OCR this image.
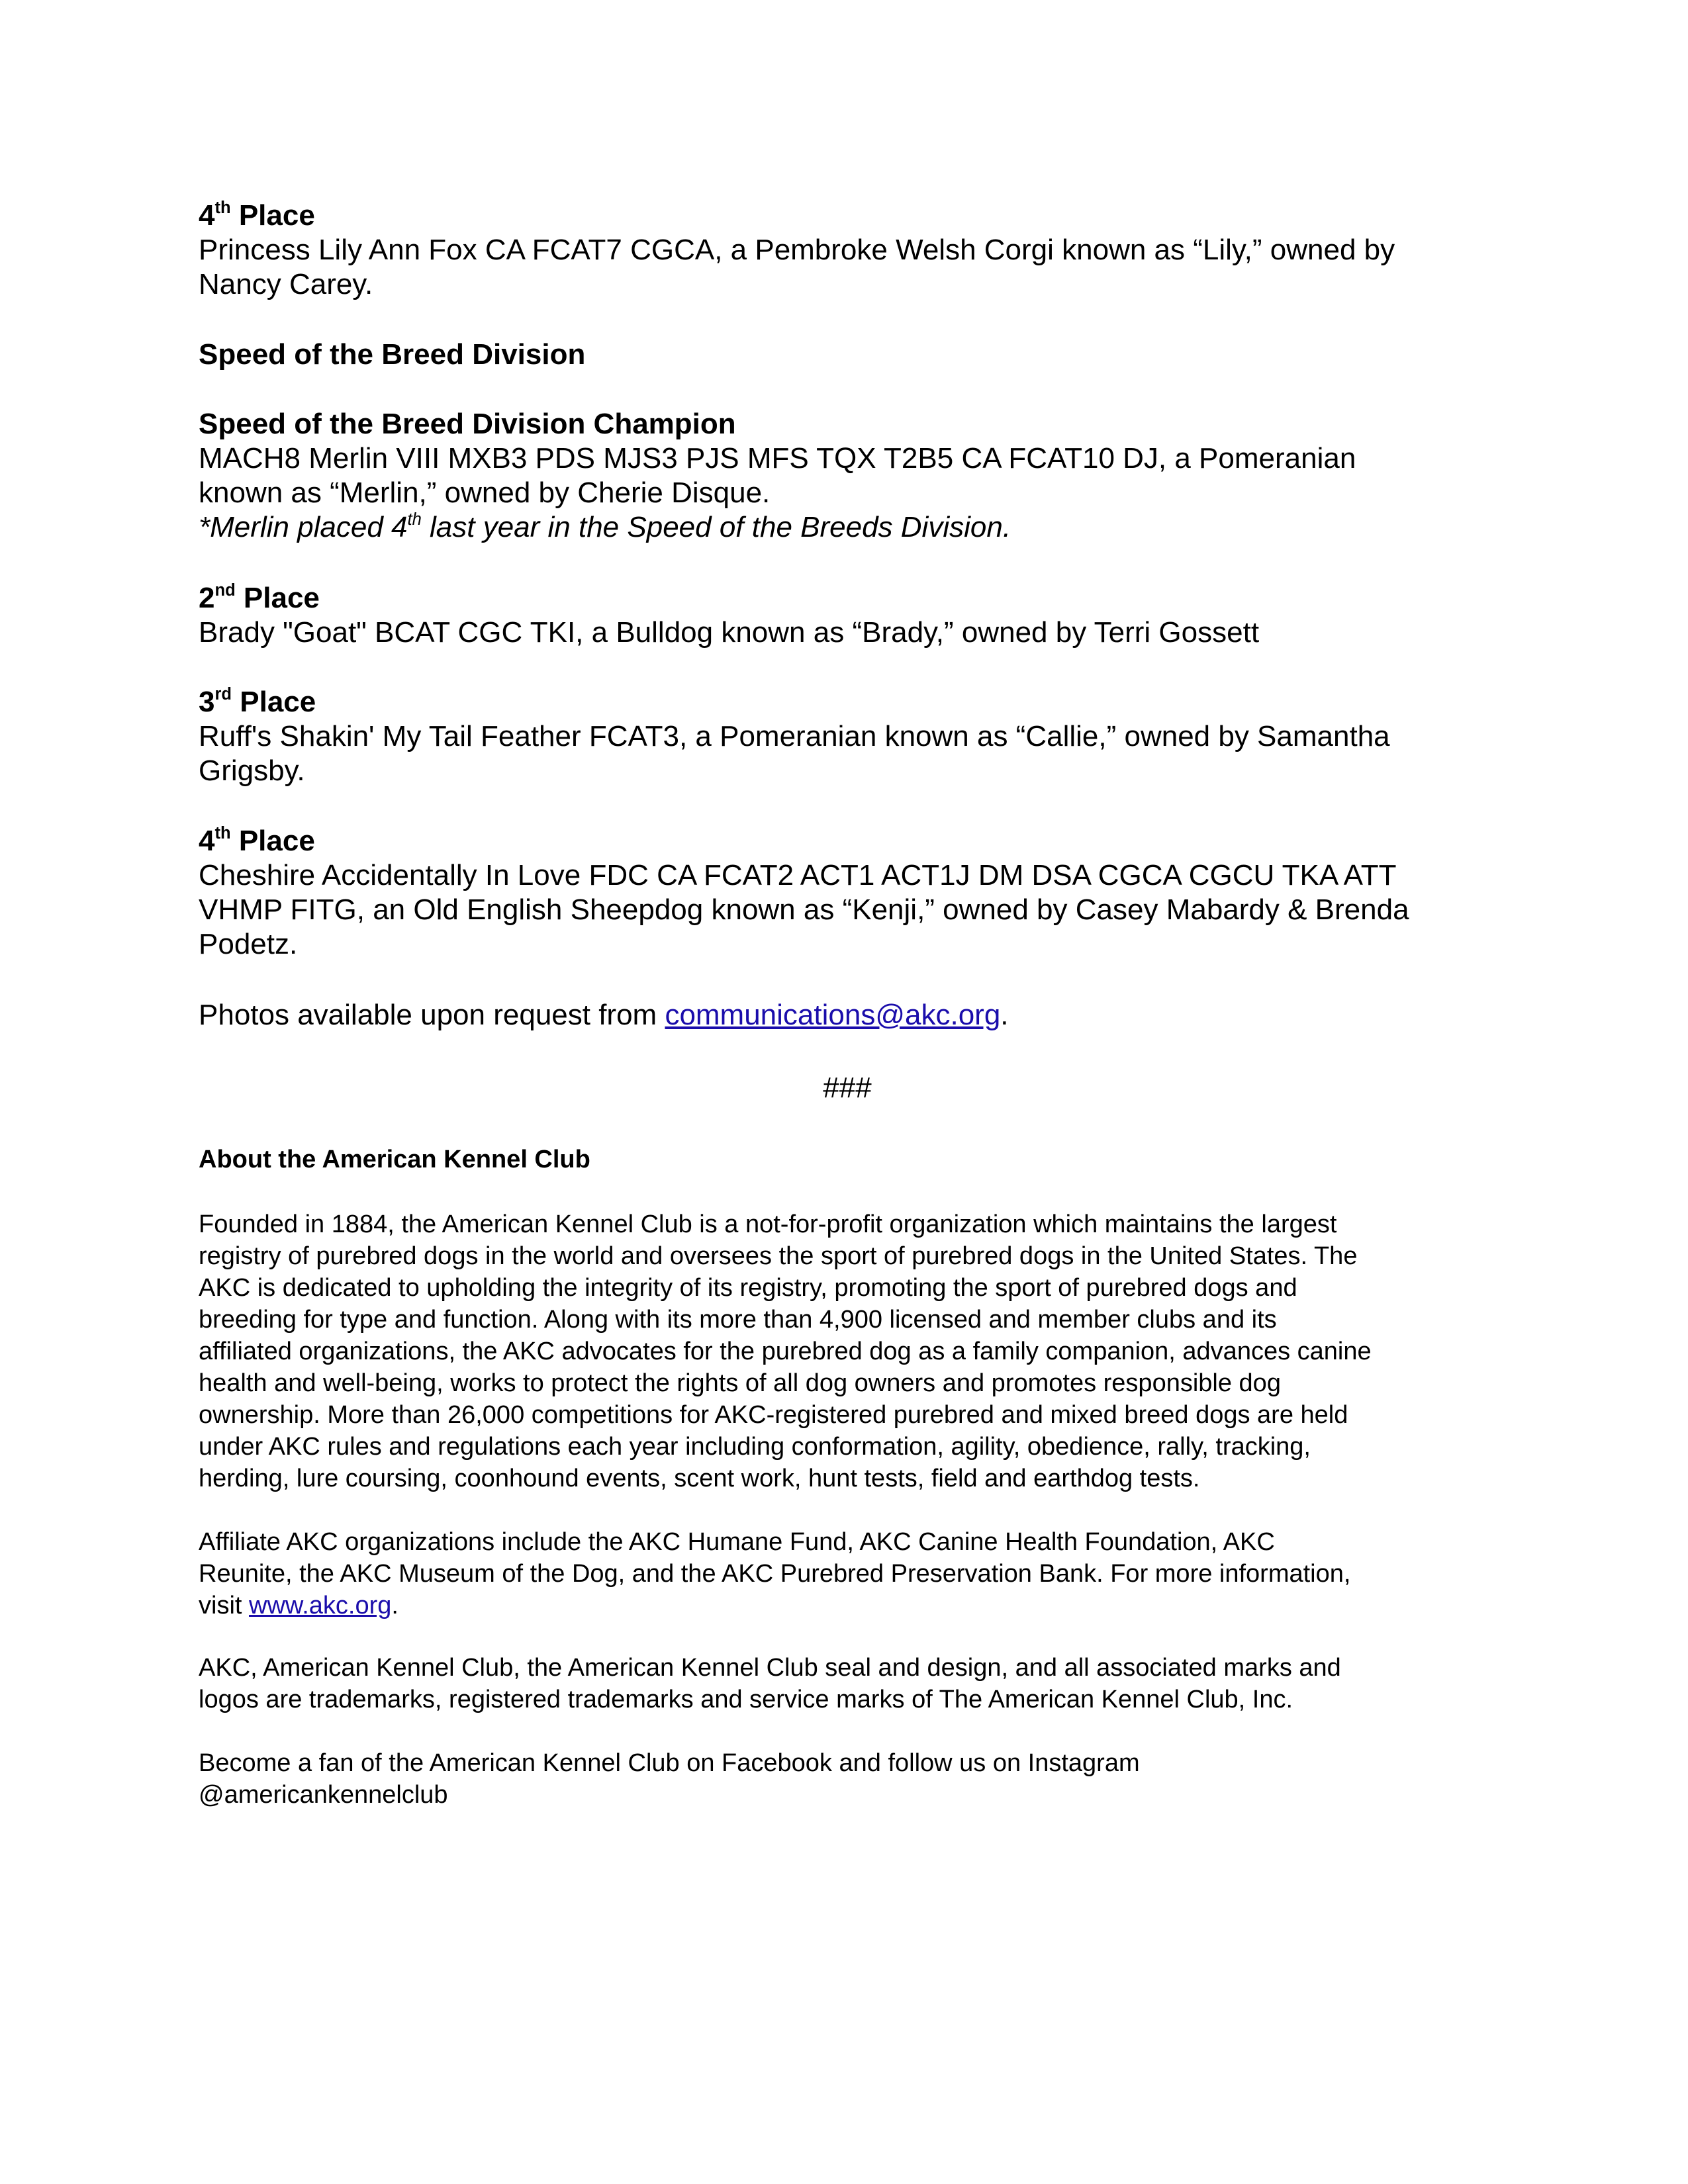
4th Place
Princess Lily Ann Fox CA FCAT7 CGCA, a Pembroke Welsh Corgi known as “Lily,” owned by
Nancy Carey.
Speed of the Breed Division
Speed of the Breed Division Champion
MACH8 Merlin VIII MXB3 PDS MJS3 PJS MFS TQX T2B5 CA FCAT10 DJ, a Pomeranian
known as “Merlin,” owned by Cherie Disque.
*Merlin placed 4th last year in the Speed of the Breeds Division.
2nd Place
Brady "Goat" BCAT CGC TKI, a Bulldog known as “Brady,” owned by Terri Gossett
3rd Place
Ruff's Shakin' My Tail Feather FCAT3, a Pomeranian known as “Callie,” owned by Samantha
Grigsby.
4th Place
Cheshire Accidentally In Love FDC CA FCAT2 ACT1 ACT1J DM DSA CGCA CGCU TKA ATT
VHMP FITG, an Old English Sheepdog known as “Kenji,” owned by Casey Mabardy & Brenda
Podetz.
Photos available upon request from communications@akc.org.
###
About the American Kennel Club
Founded in 1884, the American Kennel Club is a not-for-profit organization which maintains the largest
registry of purebred dogs in the world and oversees the sport of purebred dogs in the United States. The
AKC is dedicated to upholding the integrity of its registry, promoting the sport of purebred dogs and
breeding for type and function. Along with its more than 4,900 licensed and member clubs and its
affiliated organizations, the AKC advocates for the purebred dog as a family companion, advances canine
health and well-being, works to protect the rights of all dog owners and promotes responsible dog
ownership. More than 26,000 competitions for AKC-registered purebred and mixed breed dogs are held
under AKC rules and regulations each year including conformation, agility, obedience, rally, tracking,
herding, lure coursing, coonhound events, scent work, hunt tests, field and earthdog tests.
Affiliate AKC organizations include the AKC Humane Fund, AKC Canine Health Foundation, AKC
Reunite, the AKC Museum of the Dog, and the AKC Purebred Preservation Bank. For more information,
visit www.akc.org.
AKC, American Kennel Club, the American Kennel Club seal and design, and all associated marks and
logos are trademarks, registered trademarks and service marks of The American Kennel Club, Inc.
Become a fan of the American Kennel Club on Facebook and follow us on Instagram
@americankennelclub
